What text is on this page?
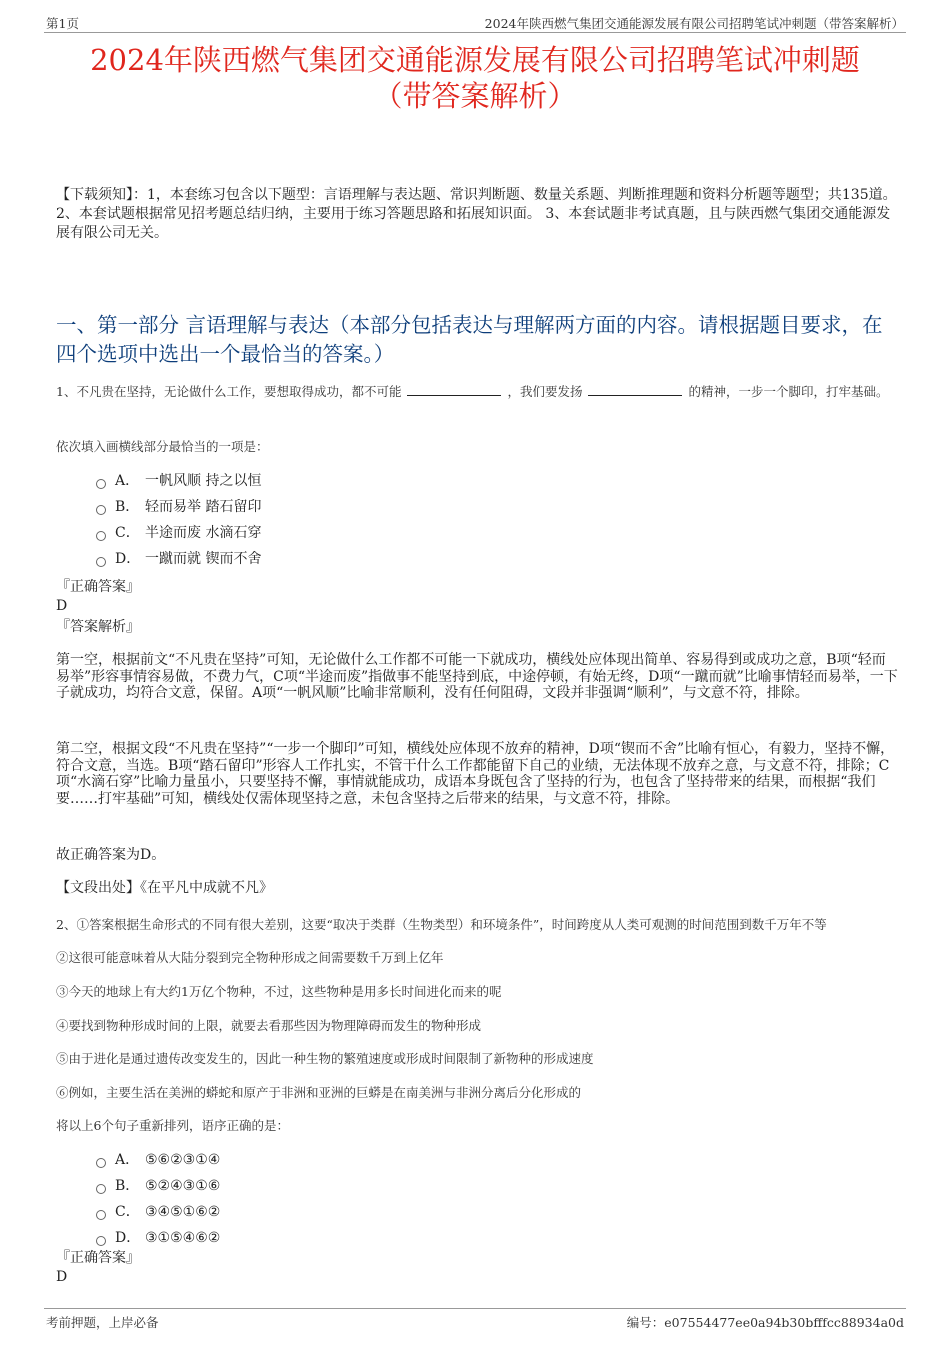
第1页	2024年陕西燃气集团交通能源发展有限公司招聘笔试冲刺题（带答案解析）
2024年陕西燃气集团交通能源发展有限公司招聘笔试冲刺题
（带答案解析）
【下载须知】：1，本套练习包含以下题型：言语理解与表达题、常识判断题、数量关系题、判断推理题和资料分析题等题型；共135道。 2、本套试题根据常见招考题总结归纳，主要用于练习答题思路和拓展知识面。 3、本套试题非考试真题，且与陕西燃气集团交通能源发展有限公司无关。
一、第一部分 言语理解与表达（本部分包括表达与理解两方面的内容。请根据题目要求，在四个选项中选出一个最恰当的答案。）
1、不凡贵在坚持，无论做什么工作，要想取得成功，都不可能	，我们要发扬	的精神，一步一个脚印，打牢基础。
依次填入画横线部分最恰当的一项是：
A． 一帆风顺 持之以恒
B． 轻而易举 踏石留印
C． 半途而废 水滴石穿
D． 一蹴而就 锲而不舍
『正确答案』
D
『答案解析』
第一空，根据前文“不凡贵在坚持”可知，无论做什么工作都不可能一下就成功，横线处应体现出简单、容易得到或成功之意，B项“轻而易举”形容事情容易做，不费力气，C项“半途而废”指做事不能坚持到底，中途停顿，有始无终，D项“一蹴而就”比喻事情轻而易举，一下子就成功，均符合文意，保留。A项“一帆风顺”比喻非常顺利，没有任何阻碍，文段并非强调“顺利”，与文意不符，排除。
第二空，根据文段“不凡贵在坚持”“一步一个脚印”可知，横线处应体现不放弃的精神，D项“锲而不舍”比喻有恒心，有毅力，坚持不懈，符合文意，当选。B项“踏石留印”形容人工作扎实，不管干什么工作都能留下自己的业绩，无法体现不放弃之意，与文意不符，排除；C项“水滴石穿”比喻力量虽小，只要坚持不懈，事情就能成功，成语本身既包含了坚持的行为，也包含了坚持带来的结果，而根据“我们要……打牢基础”可知，横线处仅需体现坚持之意，未包含坚持之后带来的结果，与文意不符，排除。
故正确答案为D。
【文段出处】《在平凡中成就不凡》
2、①答案根据生命形式的不同有很大差别，这要“取决于类群（生物类型）和环境条件”，时间跨度从人类可观测的时间范围到数千万年不等
②这很可能意味着从大陆分裂到完全物种形成之间需要数千万到上亿年
③今天的地球上有大约1万亿个物种，不过，这些物种是用多长时间进化而来的呢
④要找到物种形成时间的上限，就要去看那些因为物理障碍而发生的物种形成
⑤由于进化是通过遗传改变发生的，因此一种生物的繁殖速度或形成时间限制了新物种的形成速度
⑥例如，主要生活在美洲的蟒蛇和原产于非洲和亚洲的巨蟒是在南美洲与非洲分离后分化形成的
将以上6个句子重新排列，语序正确的是：
A． ⑤⑥②③①④
B． ⑤②④③①⑥
C． ③④⑤①⑥②
D． ③①⑤④⑥②
『正确答案』
D
考前押题，上岸必备	编号：e07554477ee0a94b30bfffcc88934a0d
